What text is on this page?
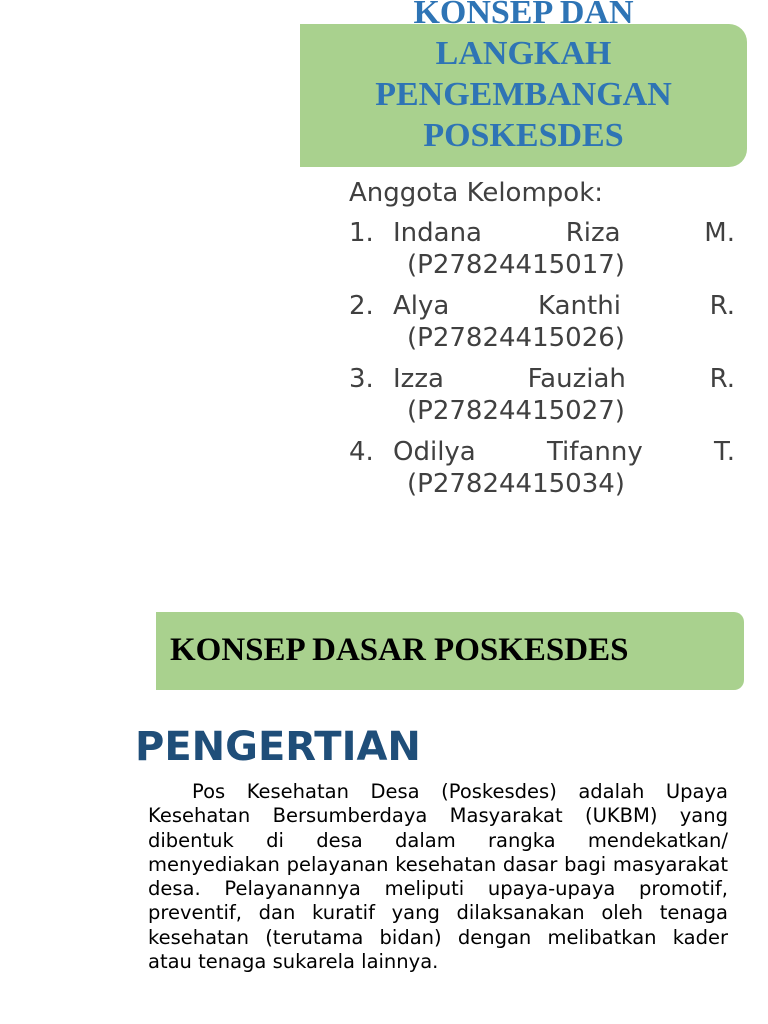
KONSEP DAN
LANGKAH
PENGEMBANGAN
POSKESDES

Anggota Kelompok:

1. Indana	Riza	M.
(P27824415017)
2. Alya	Kanthi	R.
(P27824415026)
3. Izza	Fauziah	R.
(P27824415027)
4. Odilya	Tifanny	T.
(P27824415034)
KONSEP DASAR POSKESDES
PENGERTIAN

Pos Kesehatan Desa (Poskesdes) adalah Upaya Kesehatan Bersumberdaya Masyarakat (UKBM) yang dibentuk di desa dalam rangka mendekatkan/ menyediakan pelayanan kesehatan dasar bagi masyarakat desa. Pelayanannya meliputi upaya-upaya promotif, preventif, dan kuratif yang dilaksanakan oleh tenaga kesehatan (terutama bidan) dengan melibatkan kader atau tenaga sukarela lainnya.
